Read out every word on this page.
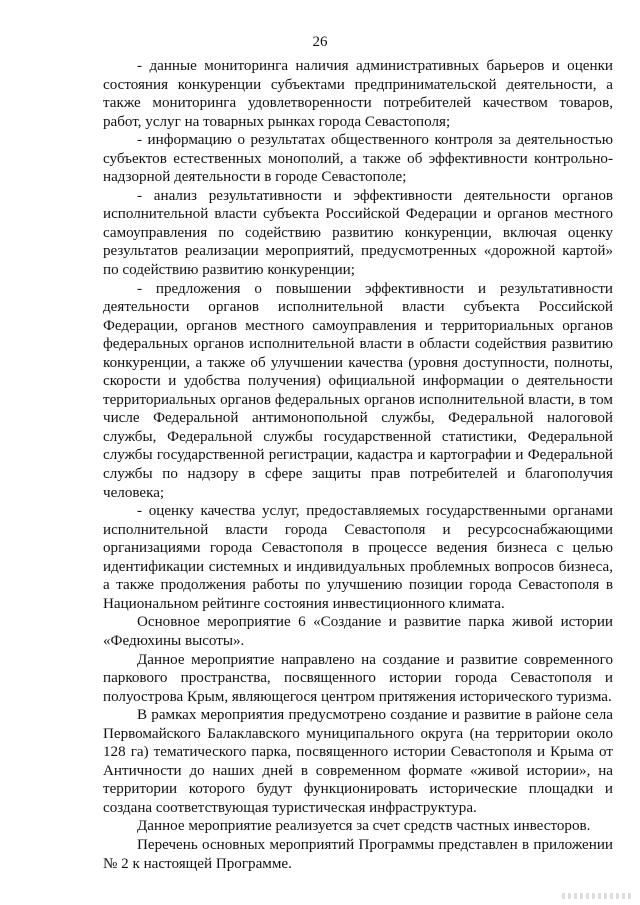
26

- данные мониторинга наличия административных барьеров и оценки состояния конкуренции субъектами предпринимательской деятельности, а также мониторинга удовлетворенности потребителей качеством товаров, работ, услуг на товарных рынках города Севастополя;

- информацию о результатах общественного контроля за деятельностью субъектов естественных монополий, а также об эффективности контрольно-надзорной деятельности в городе Севастополе;

- анализ результативности и эффективности деятельности органов исполнительной власти субъекта Российской Федерации и органов местного самоуправления по содействию развитию конкуренции, включая оценку результатов реализации мероприятий, предусмотренных «дорожной картой» по содействию развитию конкуренции;

- предложения о повышении эффективности и результативности деятельности органов исполнительной власти субъекта Российской Федерации, органов местного самоуправления и территориальных органов федеральных органов исполнительной власти в области содействия развитию конкуренции, а также об улучшении качества (уровня доступности, полноты, скорости и удобства получения) официальной информации о деятельности территориальных органов федеральных органов исполнительной власти, в том числе Федеральной антимонопольной службы, Федеральной налоговой службы, Федеральной службы государственной статистики, Федеральной службы государственной регистрации, кадастра и картографии и Федеральной службы по надзору в сфере защиты прав потребителей и благополучия человека;

- оценку качества услуг, предоставляемых государственными органами исполнительной власти города Севастополя и ресурсоснабжающими организациями города Севастополя в процессе ведения бизнеса с целью идентификации системных и индивидуальных проблемных вопросов бизнеса, а также продолжения работы по улучшению позиции города Севастополя в Национальном рейтинге состояния инвестиционного климата.

Основное мероприятие 6 «Создание и развитие парка живой истории «Федюхины высоты».

Данное мероприятие направлено на создание и развитие современного паркового пространства, посвященного истории города Севастополя и полуострова Крым, являющегося центром притяжения исторического туризма.

В рамках мероприятия предусмотрено создание и развитие в районе села Первомайского Балаклавского муниципального округа (на территории около 128 га) тематического парка, посвященного истории Севастополя и Крыма от Античности до наших дней в современном формате «живой истории», на территории которого будут функционировать исторические площадки и создана соответствующая туристическая инфраструктура.

Данное мероприятие реализуется за счет средств частных инвесторов.

Перечень основных мероприятий Программы представлен в приложении № 2 к настоящей Программе.
